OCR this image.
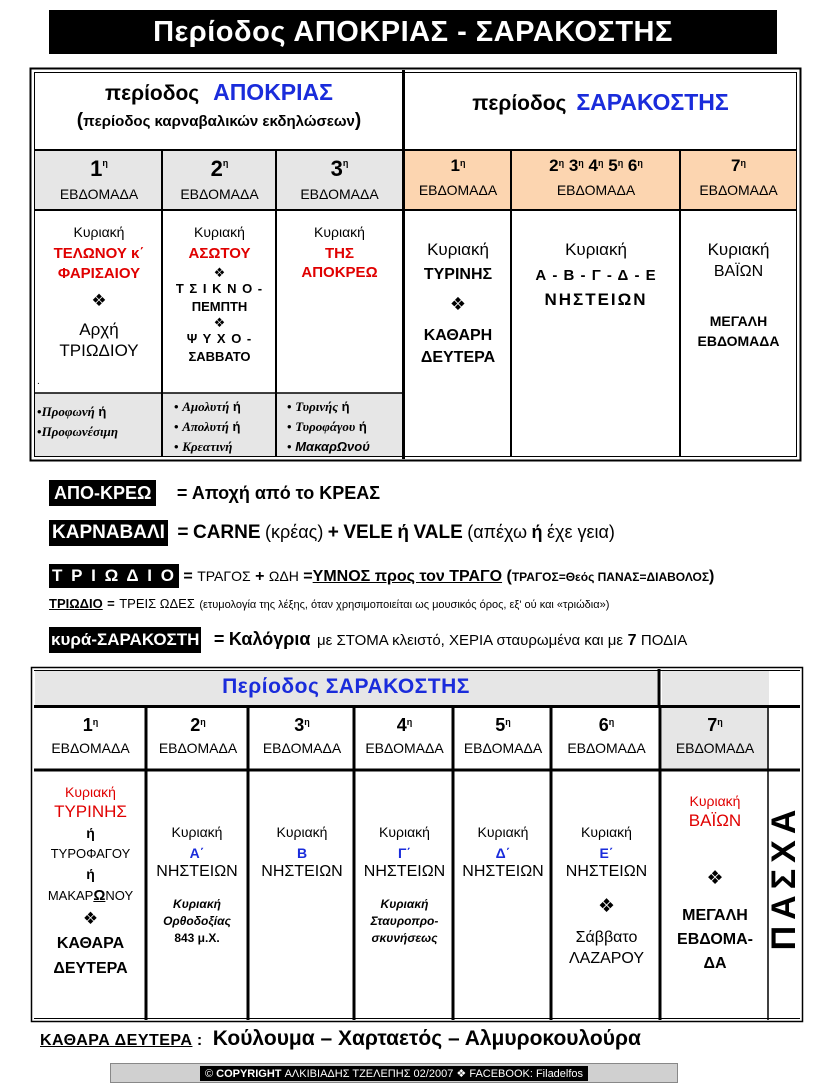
Περίοδος ΑΠΟΚΡΙΑΣ - ΣΑΡΑΚΟΣΤΗΣ
περίοδος ΑΠΟΚΡΙΑΣ
(περίοδος καρναβαλικών εκδηλώσεων)
περίοδος ΣΑΡΑΚΟΣΤΗΣ
$1^\eta$
ΕΒΔΟΜΑΔΑ
$2^\eta$
ΕΒΔΟΜΑΔΑ
$3^\eta$
ΕΒΔΟΜΑΔΑ
$1^\eta$
ΕΒΔΟΜΑΔΑ
$2^\eta$ $3^\eta$ $4^\eta$ $5^\eta$ $6^\eta$
ΕΒΔΟΜΑΔΑ
$7^\eta$
ΕΒΔΟΜΑΔΑ
Κυριακή
ΤΕΛΩΝΟΥ κ΄
ΦΑΡΙΣΑΙΟΥ
❖
Αρχή
ΤΡΙΩΔΙΟΥ
.
Κυριακή
ΑΣΩΤΟΥ
❖
Τ Σ Ι Κ Ν Ο -
ΠΕΜΠΤΗ
❖
Ψ Υ Χ Ο -
ΣΑΒΒΑΤΟ
Κυριακή
ΤΗΣ
ΑΠΟΚΡΕΩ
•Προφωνή ή
•Προφωνέσιμη
• Αμολυτή ή
• Απολυτή ή
• Κρεατινή
• Τυρινής ή
• Τυροφάγου ή
• ΜακαρΩνού
Κυριακή
ΤΥΡΙΝΗΣ
❖
ΚΑΘΑΡΗ
ΔΕΥΤΕΡΑ
Κυριακή
Α - Β - Γ - Δ - Ε
ΝΗΣΤΕΙΩΝ
Κυριακή
ΒΑΪΩΝ
ΜΕΓΑΛΗ
ΕΒΔΟΜΑΔΑ
ΑΠΟ-ΚΡΕΩ = Αποχή από το ΚΡΕΑΣ
ΚΑΡΝΑΒΑΛΙ = CARNE (κρέας) + VELE ή VALE (απέχω ή έχε γεια)
Τ Ρ Ι Ω Δ Ι Ο = ΤΡΑΓΟΣ + ΩΔΗ =ΥΜΝΟΣ προς τον ΤΡΑΓΟ (ΤΡΑΓΟΣ=Θεός ΠΑΝΑΣ=ΔΙΑΒΟΛΟΣ)
ΤΡΙΩΔΙΟ = ΤΡΕΙΣ ΩΔΕΣ (ετυμολογία της λέξης, όταν χρησιμοποιείται ως μουσικός όρος, εξ' ού και «τριώδια»)
κυρά-ΣΑΡΑΚΟΣΤΗ = Καλόγρια με ΣΤΟΜΑ κλειστό, ΧΕΡΙΑ σταυρωμένα και με 7 ΠΟΔΙΑ
Περίοδος ΣΑΡΑΚΟΣΤΗΣ
$1^\eta$
ΕΒΔΟΜΑΔΑ
$2^\eta$
ΕΒΔΟΜΑΔΑ
$3^\eta$
ΕΒΔΟΜΑΔΑ
$4^\eta$
ΕΒΔΟΜΑΔΑ
$5^\eta$
ΕΒΔΟΜΑΔΑ
$6^\eta$
ΕΒΔΟΜΑΔΑ
$7^\eta$
ΕΒΔΟΜΑΔΑ
Κυριακή
ΤΥΡΙΝΗΣ
ή
ΤΥΡΟΦΑΓΟΥ
ή
ΜΑΚΑΡΩΝΟΥ
❖
ΚΑΘΑΡΑ
ΔΕΥΤΕΡΑ
Κυριακή
Α΄
ΝΗΣΤΕΙΩΝ
Κυριακή
Ορθοδοξίας
843 μ.Χ.
Κυριακή
Β
ΝΗΣΤΕΙΩΝ
Κυριακή
Γ΄
ΝΗΣΤΕΙΩΝ
Κυριακή
Σταυροπρο-
σκυνήσεως
Κυριακή
Δ΄
ΝΗΣΤΕΙΩΝ
Κυριακή
Ε΄
ΝΗΣΤΕΙΩΝ
❖
Σάββατο
ΛΑΖΑΡΟΥ
Κυριακή
ΒΑΪΩΝ
❖
ΜΕΓΑΛΗ
ΕΒΔΟΜΑ-
ΔΑ
ΠΑΣΧΑ
ΚΑΘΑΡΑ ΔΕΥΤΕΡΑ : Κούλουμα – Χαρταετός – Αλμυροκουλούρα
© COPYRIGHT ΑΛΚΙΒΙΑΔΗΣ ΤΖΕΛΕΠΗΣ 02/2007 ❖ FACEBOOK: Filadelfos
